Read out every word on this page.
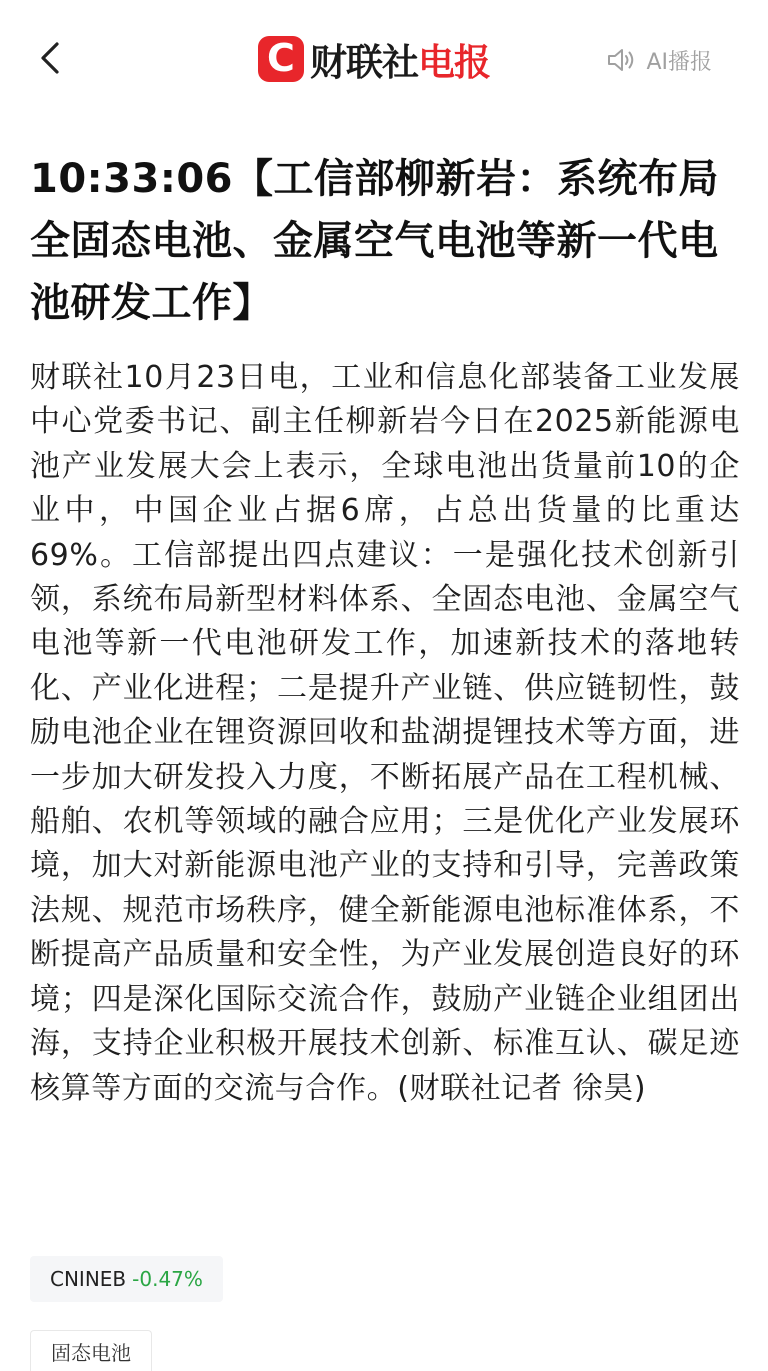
C 财联社 电报	AI播报
10:33:06【工信部柳新岩：系统布局全固态电池、金属空气电池等新一代电池研发工作】

财联社10月23日电，工业和信息化部装备工业发展中心党委书记、副主任柳新岩今日在2025新能源电池产业发展大会上表示，全球电池出货量前10的企业中，中国企业占据6席，占总出货量的比重达69%。工信部提出四点建议：一是强化技术创新引领，系统布局新型材料体系、全固态电池、金属空气电池等新一代电池研发工作，加速新技术的落地转化、产业化进程；二是提升产业链、供应链韧性，鼓励电池企业在锂资源回收和盐湖提锂技术等方面，进一步加大研发投入力度，不断拓展产品在工程机械、船舶、农机等领域的融合应用；三是优化产业发展环境，加大对新能源电池产业的支持和引导，完善政策法规、规范市场秩序，健全新能源电池标准体系，不断提高产品质量和安全性，为产业发展创造良好的环境；四是深化国际交流合作，鼓励产业链企业组团出海，支持企业积极开展技术创新、标准互认、碳足迹核算等方面的交流与合作。(财联社记者 徐昊)

CNINEB -0.47%
固态电池
